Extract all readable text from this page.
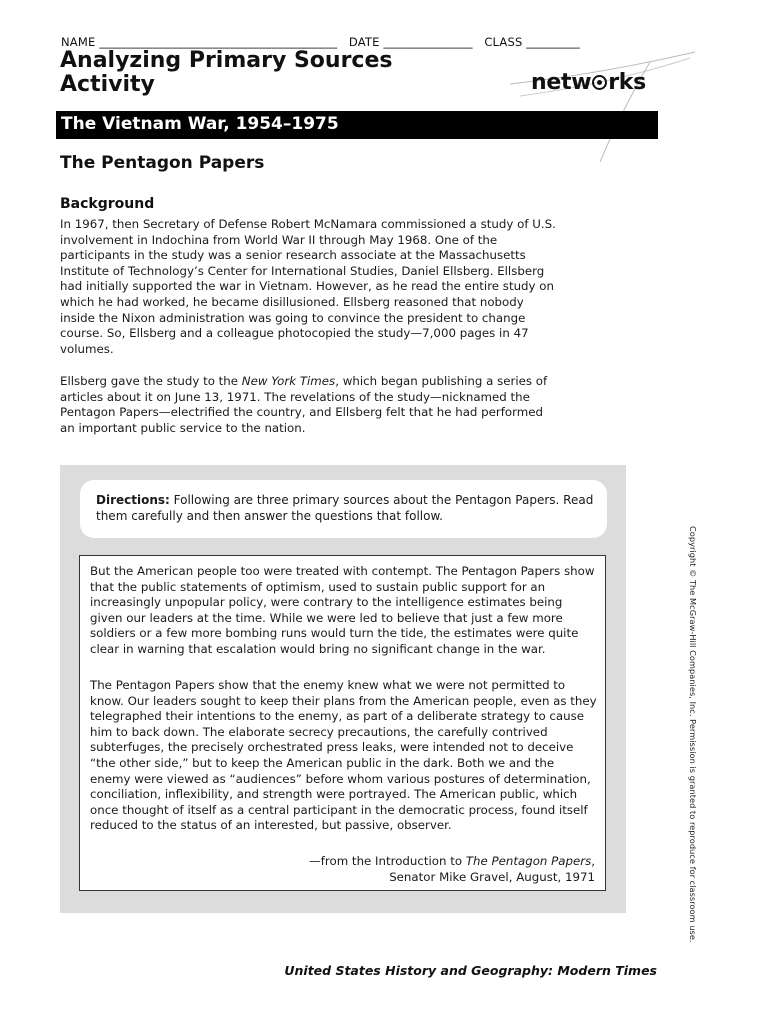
NAME ________________________________________ DATE _______________ CLASS _________
Analyzing Primary Sources
Activity	netw rks
The Vietnam War, 1954–1975
The Pentagon Papers
Background
In 1967, then Secretary of Defense Robert McNamara commissioned a study of U.S. involvement in Indochina from World War II through May 1968. One of the participants in the study was a senior research associate at the Massachusetts Institute of Technology’s Center for International Studies, Daniel Ellsberg. Ellsberg had initially supported the war in Vietnam. However, as he read the entire study on which he had worked, he became disillusioned. Ellsberg reasoned that nobody inside the Nixon administration was going to convince the president to change course. So, Ellsberg and a colleague photocopied the study—7,000 pages in 47 volumes.
Ellsberg gave the study to the New York Times, which began publishing a series of articles about it on June 13, 1971. The revelations of the study—nicknamed the Pentagon Papers—electrified the country, and Ellsberg felt that he had performed an important public service to the nation.

Directions: Following are three primary sources about the Pentagon Papers. Read them carefully and then answer the questions that follow.

But the American people too were treated with contempt. The Pentagon Papers show that the public statements of optimism, used to sustain public support for an increasingly unpopular policy, were contrary to the intelligence estimates being given our leaders at the time. While we were led to believe that just a few more soldiers or a few more bombing runs would turn the tide, the estimates were quite clear in warning that escalation would bring no significant change in the war.

The Pentagon Papers show that the enemy knew what we were not permitted to know. Our leaders sought to keep their plans from the American people, even as they telegraphed their intentions to the enemy, as part of a deliberate strategy to cause him to back down. The elaborate secrecy precautions, the carefully contrived subterfuges, the precisely orchestrated press leaks, were intended not to deceive “the other side,” but to keep the American public in the dark. Both we and the enemy were viewed as “audiences” before whom various postures of determination, conciliation, inflexibility, and strength were portrayed. The American public, which once thought of itself as a central participant in the democratic process, found itself reduced to the status of an interested, but passive, observer.

—from the Introduction to The Pentagon Papers,

Senator Mike Gravel, August, 1971	Copyright © The McGraw-Hill Companies, Inc. Permission is granted to reproduce for classroom use.
United States History and Geography: Modern Times
